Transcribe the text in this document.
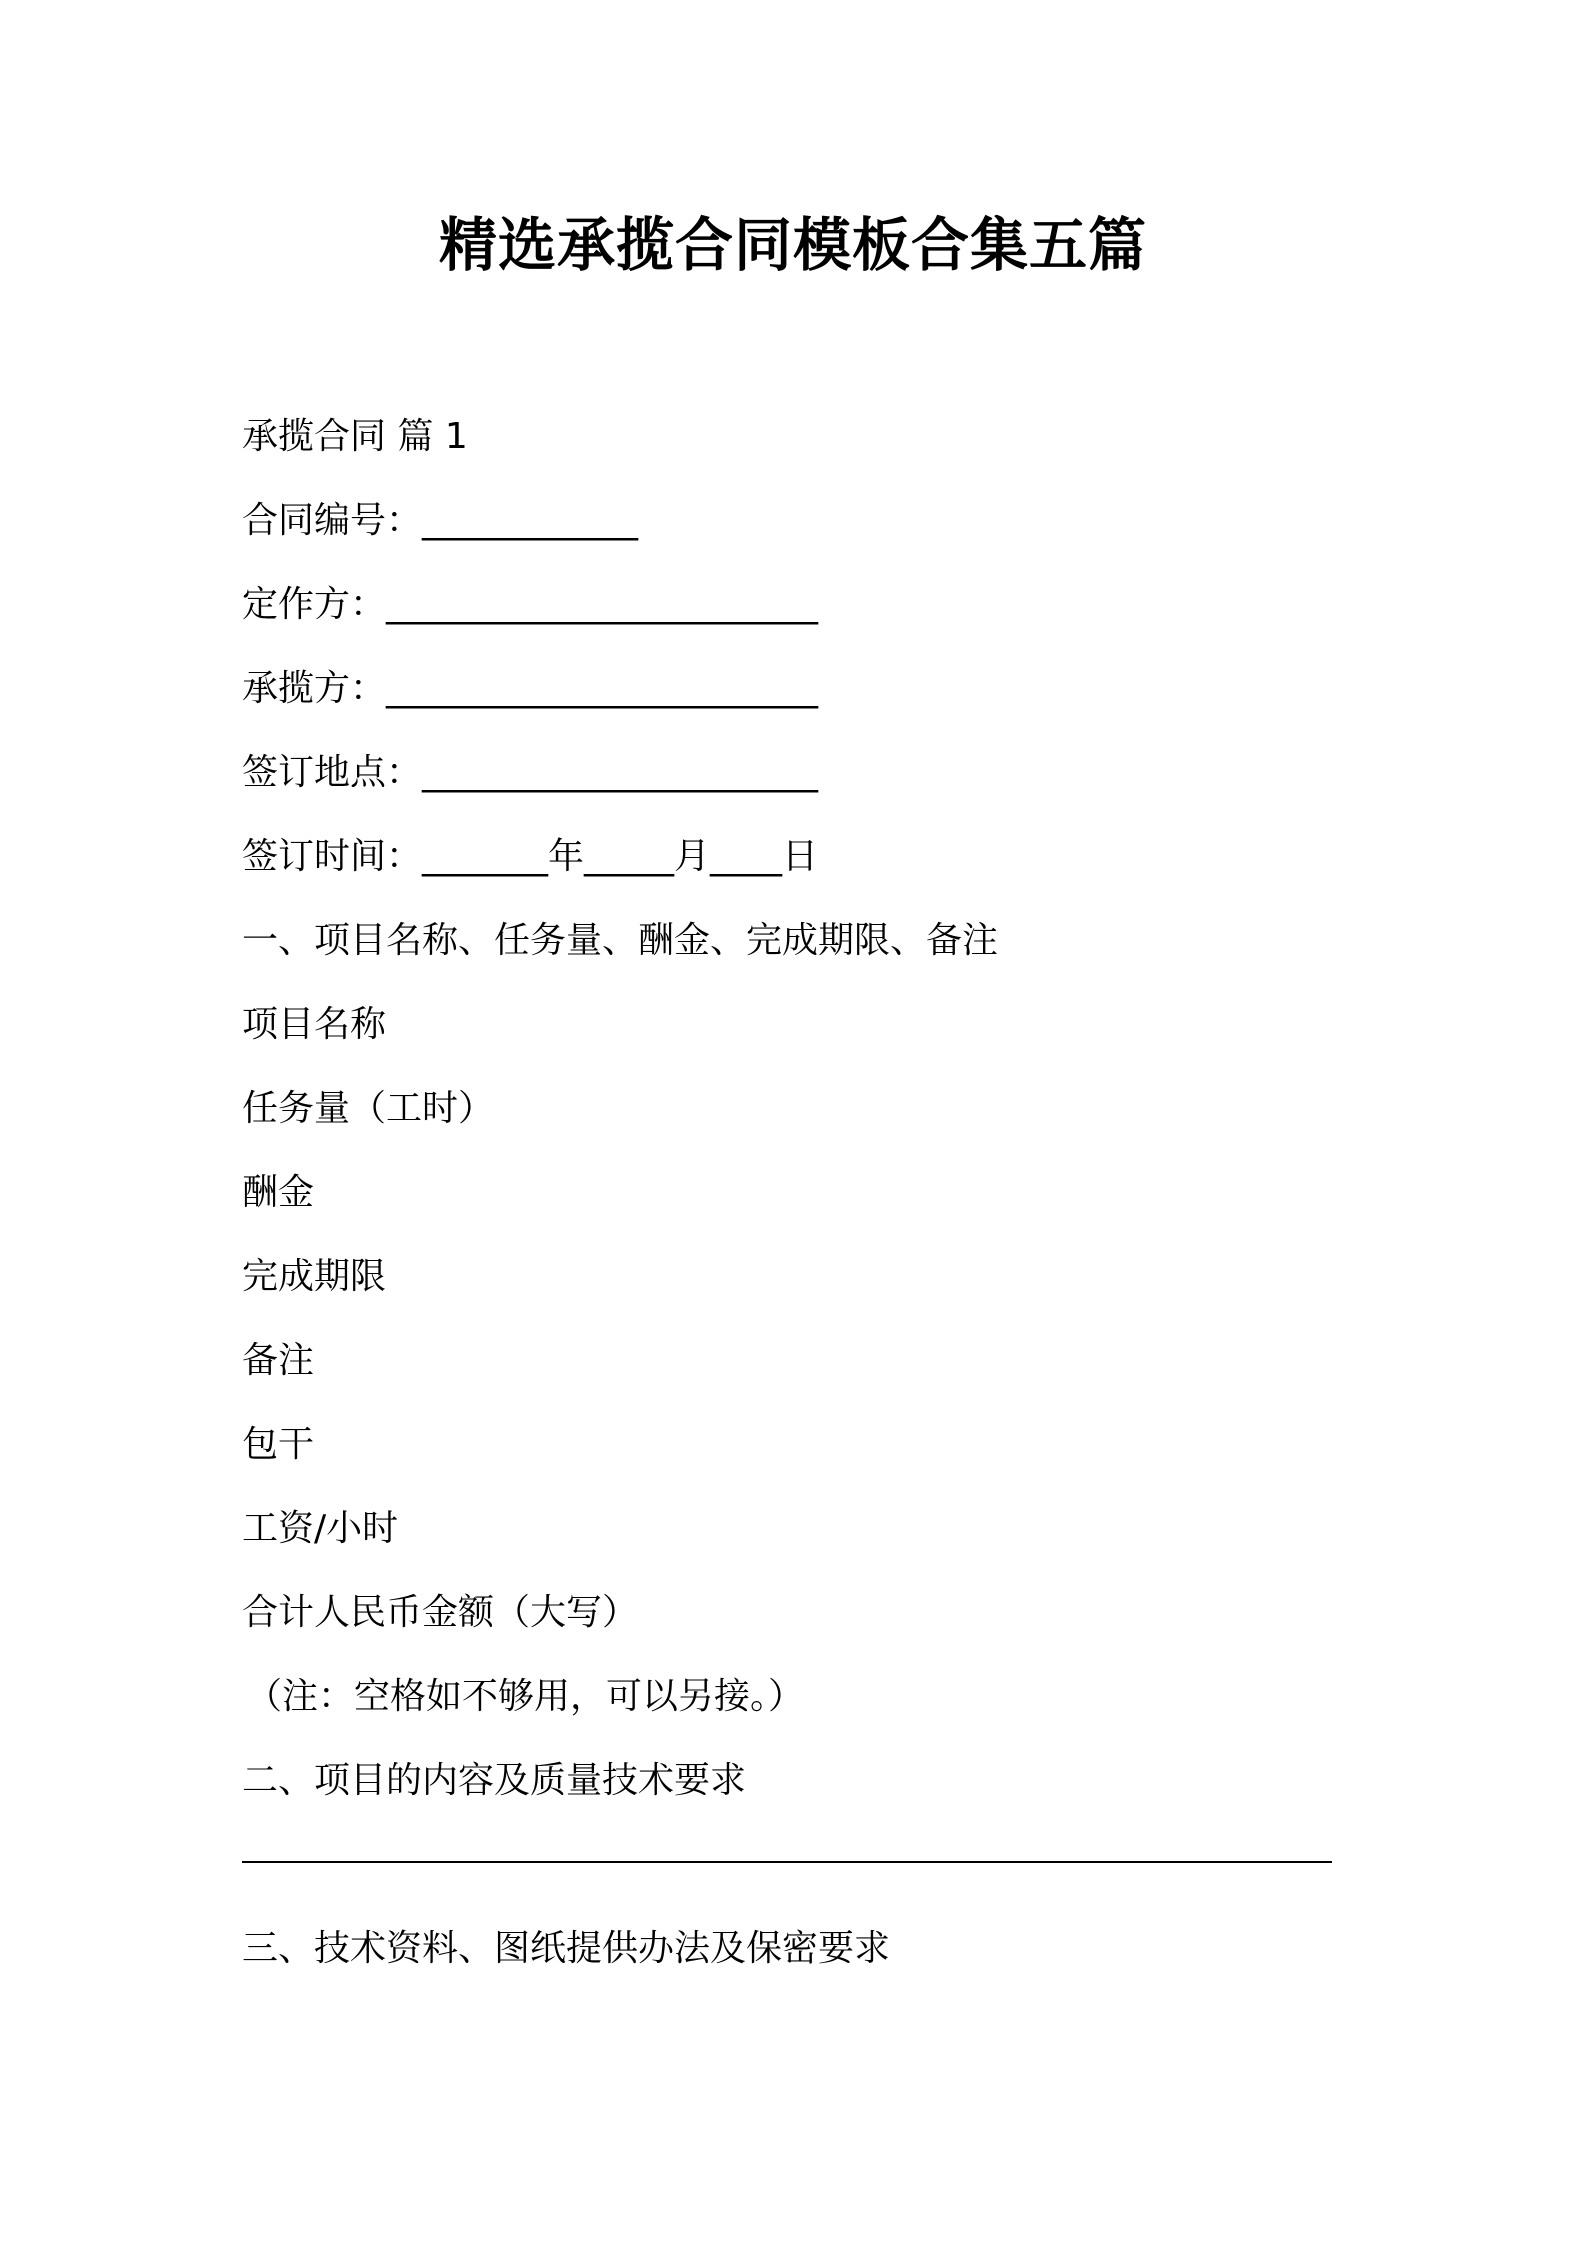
精选承揽合同模板合集五篇
承揽合同 篇 1
合同编号：____________
定作方：________________________
承揽方：________________________
签订地点：______________________
签订时间：_______年_____月____日
一、项目名称、任务量、酬金、完成期限、备注
项目名称
任务量（工时）
酬金
完成期限
备注
包干
工资/小时
合计人民币金额（大写）
（注：空格如不够用，可以另接。）
二、项目的内容及质量技术要求
三、技术资料、图纸提供办法及保密要求
